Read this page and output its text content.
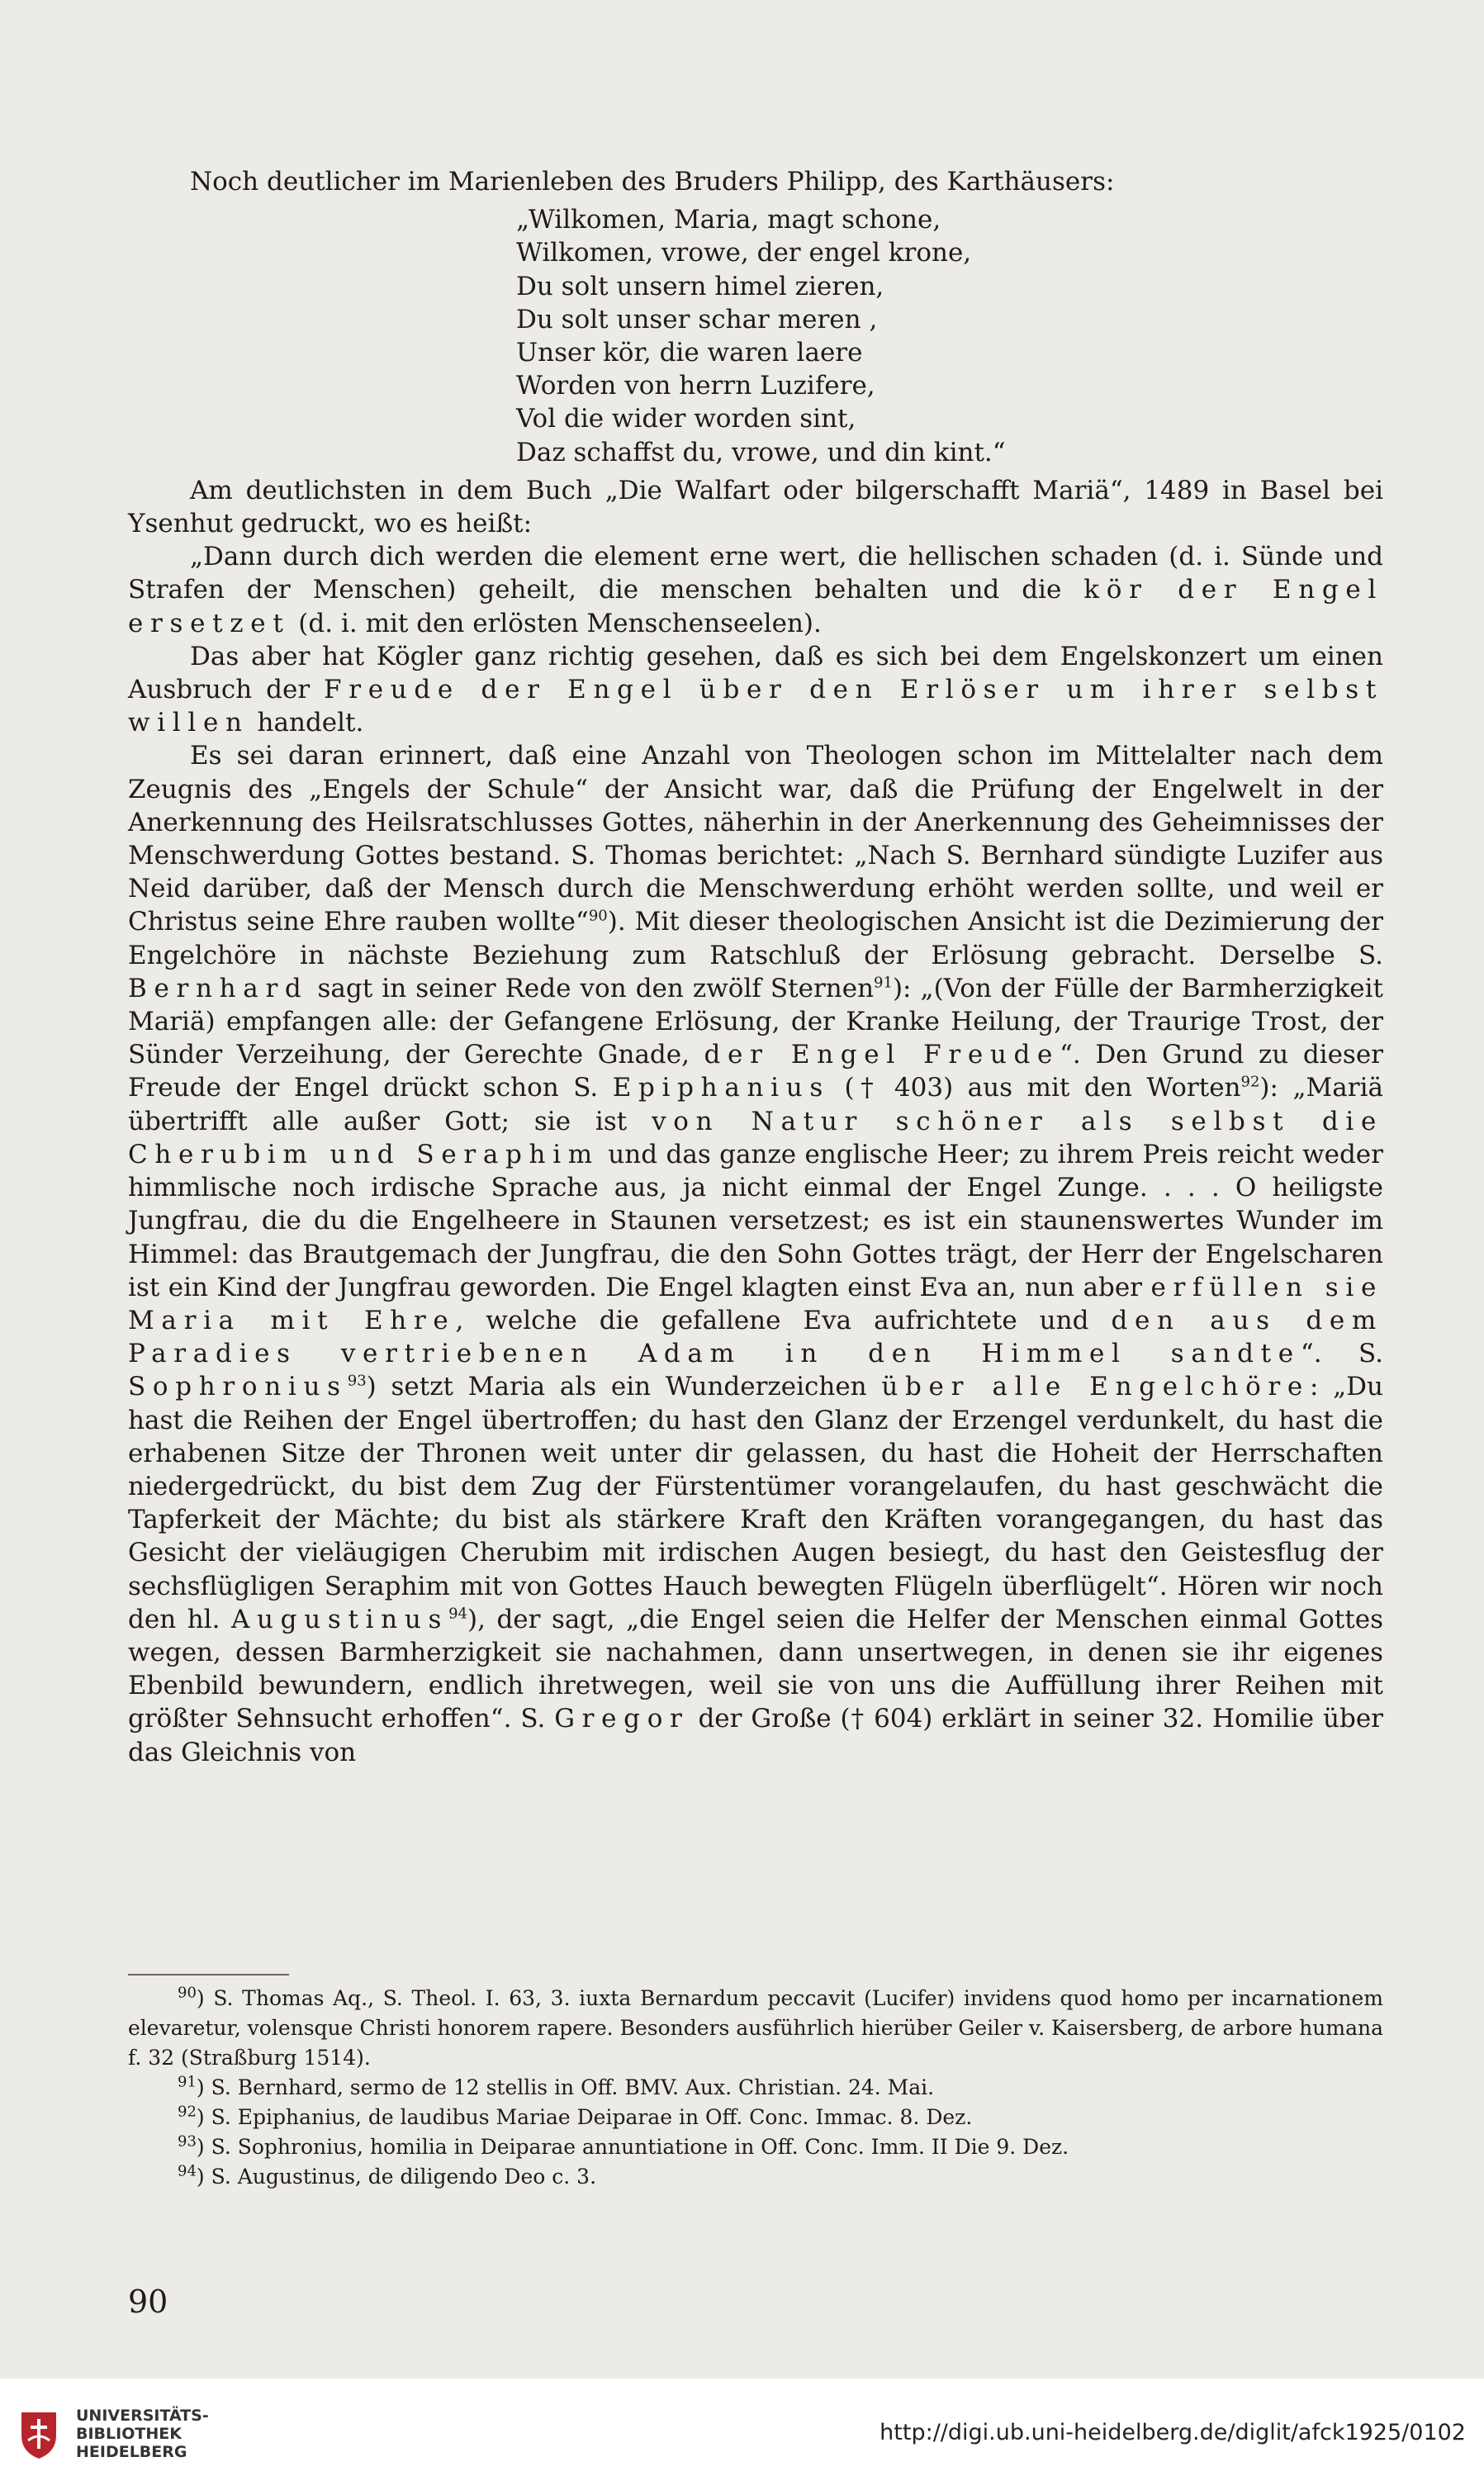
Noch deutlicher im Marienleben des Bruders Philipp, des Karthäusers:

„Wilkomen, Maria, magt schone,
Wilkomen, vrowe, der engel krone,
Du solt unsern himel zieren,
Du solt unser schar meren ,
Unser kör, die waren laere
Worden von herrn Luzifere,
Vol die wider worden sint,
Daz schaffst du, vrowe, und din kint.“

Am deutlichsten in dem Buch „Die Walfart oder bilgerschafft Mariä“, 1489 in Basel bei Ysenhut gedruckt, wo es heißt:

„Dann durch dich werden die element erne wert, die hellischen schaden (d. i. Sünde und Strafen der Menschen) geheilt, die menschen behalten und die kör der Engel ersetzet (d. i. mit den erlösten Menschenseelen).

Das aber hat Kögler ganz richtig gesehen, daß es sich bei dem Engelskonzert um einen Ausbruch der Freude der Engel über den Erlöser um ihrer selbst willen handelt.

Es sei daran erinnert, daß eine Anzahl von Theologen schon im Mittelalter nach dem Zeugnis des „Engels der Schule“ der Ansicht war, daß die Prüfung der Engelwelt in der Anerkennung des Heilsratschlusses Gottes, näherhin in der Anerkennung des Geheimnisses der Menschwerdung Gottes bestand. S. Thomas berichtet: „Nach S. Bernhard sündigte Luzifer aus Neid darüber, daß der Mensch durch die Menschwerdung erhöht werden sollte, und weil er Christus seine Ehre rauben wollte“$^{90}$). Mit dieser theologischen Ansicht ist die Dezimierung der Engelchöre in nächste Beziehung zum Ratschluß der Erlösung gebracht. Derselbe S. Bernhard sagt in seiner Rede von den zwölf Sternen$^{91}$): „(Von der Fülle der Barmherzigkeit Mariä) empfangen alle: der Gefangene Erlösung, der Kranke Heilung, der Traurige Trost, der Sünder Verzeihung, der Gerechte Gnade, der Engel Freude“. Den Grund zu dieser Freude der Engel drückt schon S. Epiphanius († 403) aus mit den Worten$^{92}$): „Mariä übertrifft alle außer Gott; sie ist von Natur schöner als selbst die Cherubim und Seraphim und das ganze englische Heer; zu ihrem Preis reicht weder himmlische noch irdische Sprache aus, ja nicht einmal der Engel Zunge. . . . O heiligste Jungfrau, die du die Engelheere in Staunen versetzest; es ist ein staunenswertes Wunder im Himmel: das Brautgemach der Jungfrau, die den Sohn Gottes trägt, der Herr der Engelscharen ist ein Kind der Jungfrau geworden. Die Engel klagten einst Eva an, nun aber erfüllen sie Maria mit Ehre, welche die gefallene Eva aufrichtete und den aus dem Paradies vertriebenen Adam in den Himmel sandte“. S. Sophronius$^{93}$) setzt Maria als ein Wunderzeichen über alle Engelchöre: „Du hast die Reihen der Engel übertroffen; du hast den Glanz der Erzengel verdunkelt, du hast die erhabenen Sitze der Thronen weit unter dir gelassen, du hast die Hoheit der Herrschaften niedergedrückt, du bist dem Zug der Fürstentümer vorangelaufen, du hast geschwächt die Tapferkeit der Mächte; du bist als stärkere Kraft den Kräften vorangegangen, du hast das Gesicht der vieläugigen Cherubim mit irdischen Augen besiegt, du hast den Geistesflug der sechsflügligen Seraphim mit von Gottes Hauch bewegten Flügeln überflügelt“. Hören wir noch den hl. Augustinus$^{94}$), der sagt, „die Engel seien die Helfer der Menschen einmal Gottes wegen, dessen Barmherzigkeit sie nachahmen, dann unsertwegen, in denen sie ihr eigenes Ebenbild bewundern, endlich ihretwegen, weil sie von uns die Auffüllung ihrer Reihen mit größter Sehnsucht erhoffen“. S. Gregor der Große († 604) erklärt in seiner 32. Homilie über das Gleichnis von

$^{90}$) S. Thomas Aq., S. Theol. I. 63, 3. iuxta Bernardum peccavit (Lucifer) invidens quod homo per incarnationem elevaretur, volensque Christi honorem rapere. Besonders ausführlich hierüber Geiler v. Kaisersberg, de arbore humana f. 32 (Straßburg 1514).

$^{91}$) S. Bernhard, sermo de 12 stellis in Off. BMV. Aux. Christian. 24. Mai.

$^{92}$) S. Epiphanius, de laudibus Mariae Deiparae in Off. Conc. Immac. 8. Dez.

$^{93}$) S. Sophronius, homilia in Deiparae annuntiatione in Off. Conc. Imm. II Die 9. Dez.

$^{94}$) S. Augustinus, de diligendo Deo c. 3.

90
UNIVERSITÄTS-
BIBLIOTHEK
HEIDELBERG
http://digi.ub.uni-heidelberg.de/diglit/afck1925/0102
